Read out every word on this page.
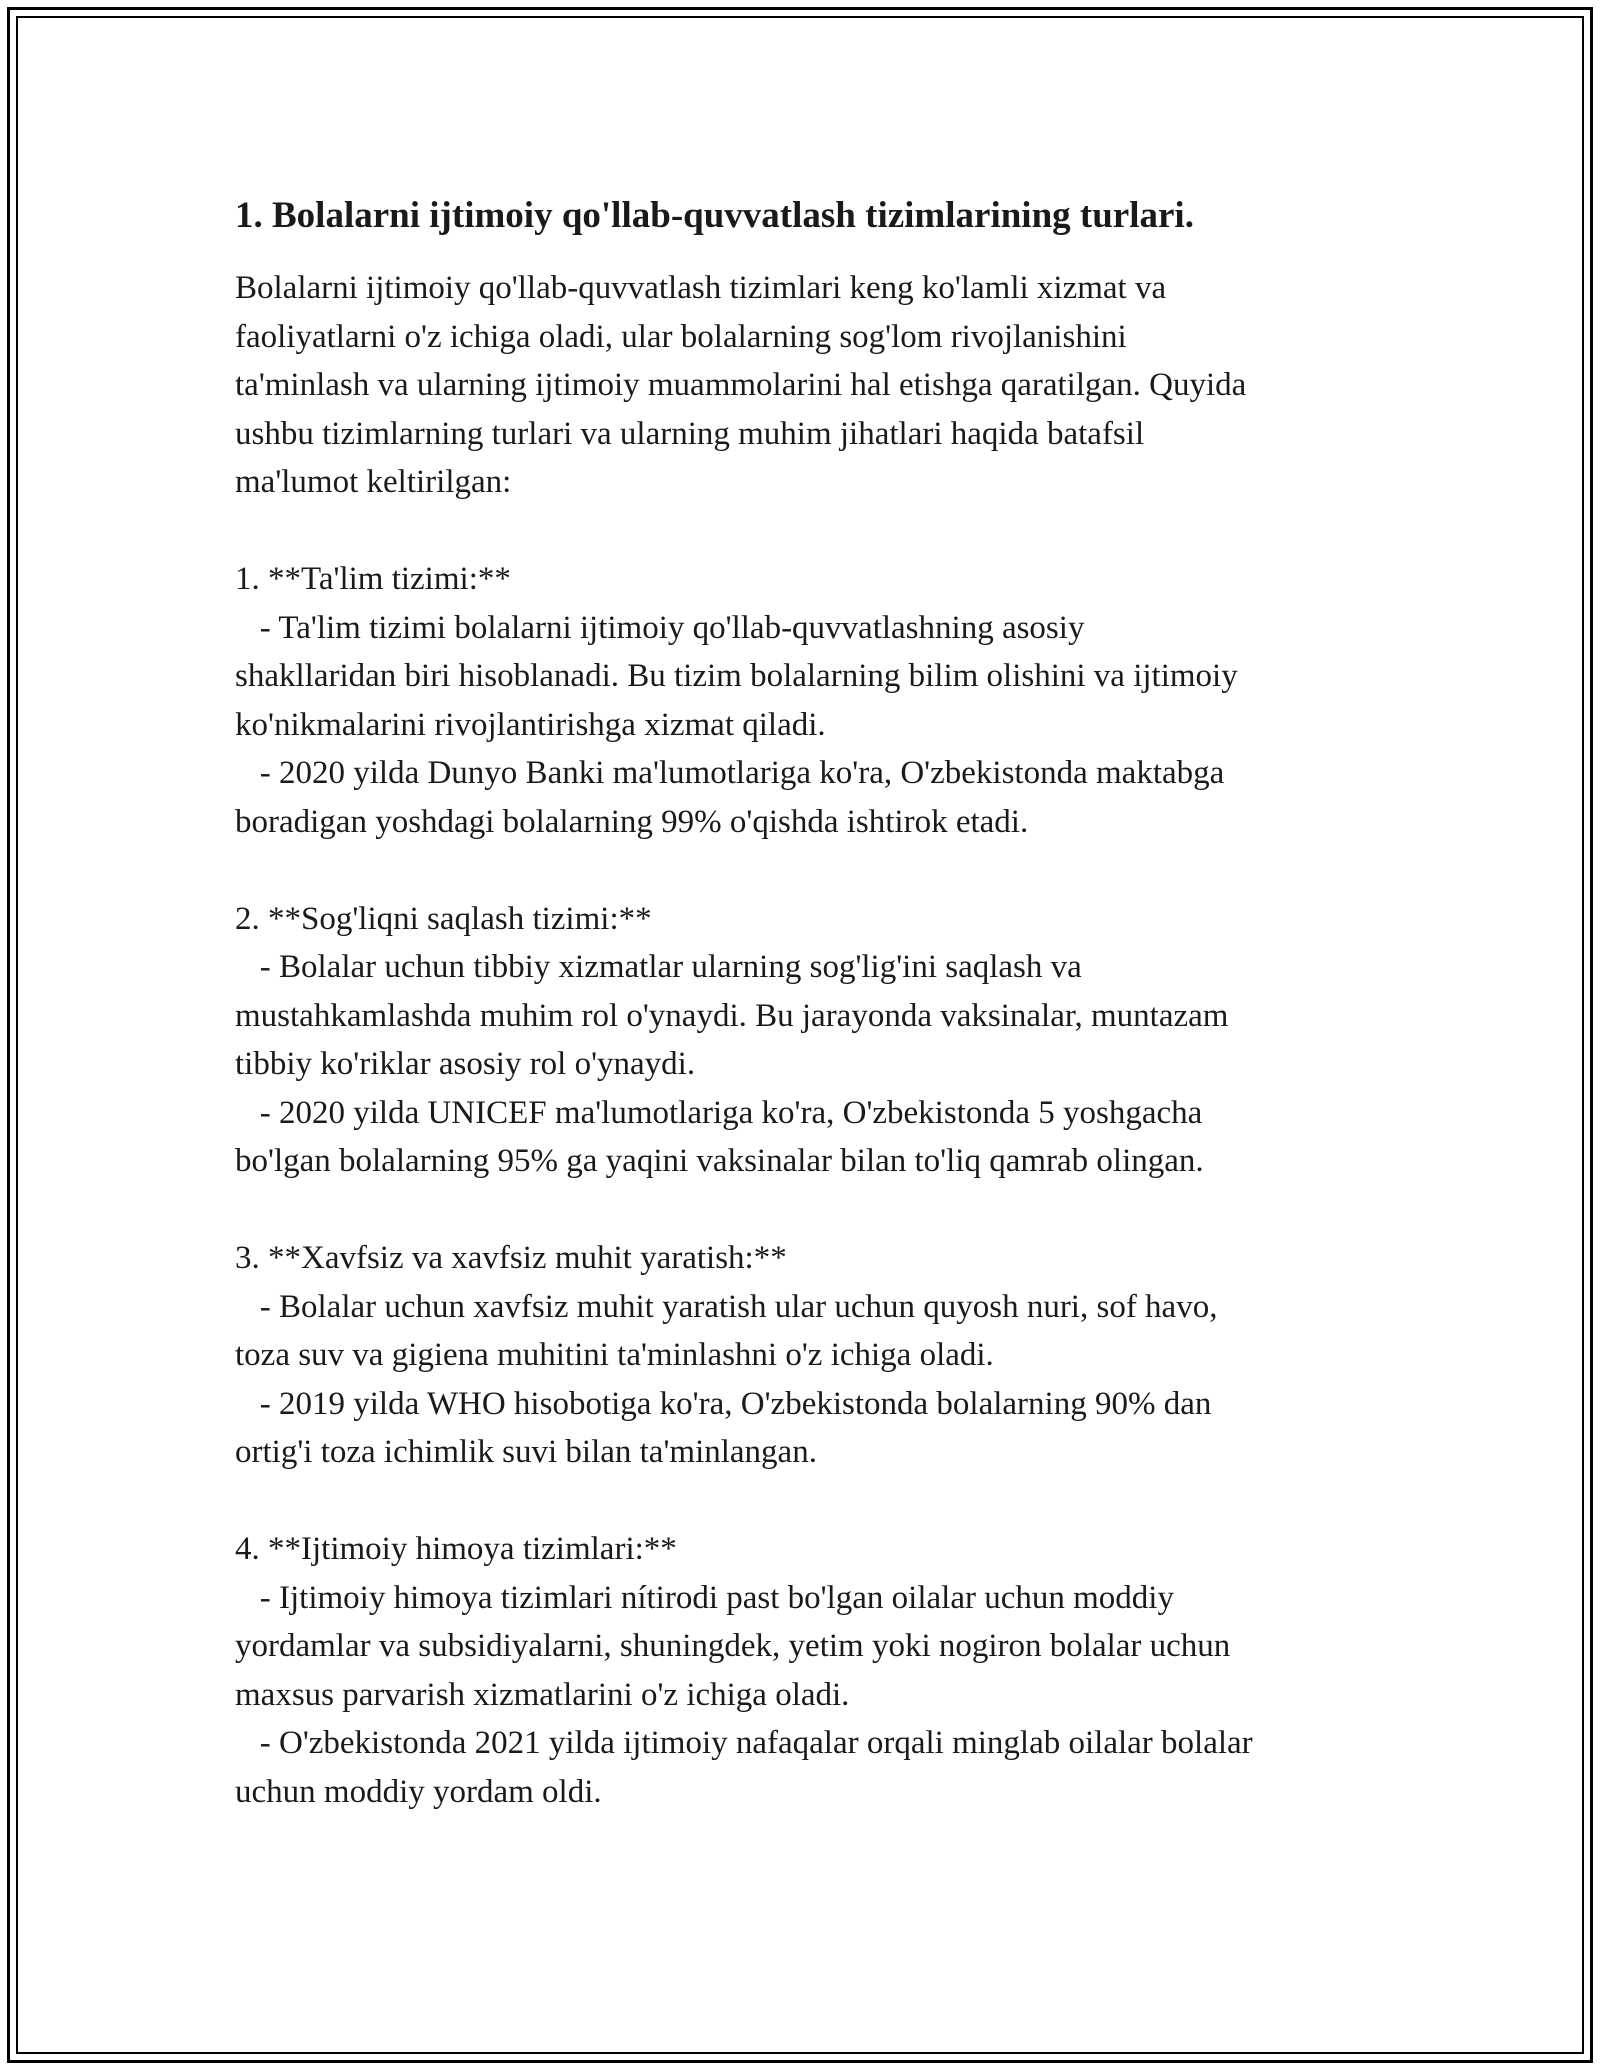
1. Bolalarni ijtimoiy qo'llab-quvvatlash tizimlarining turlari.

Bolalarni ijtimoiy qo'llab-quvvatlash tizimlari keng ko'lamli xizmat va
faoliyatlarni o'z ichiga oladi, ular bolalarning sog'lom rivojlanishini
ta'minlash va ularning ijtimoiy muammolarini hal etishga qaratilgan. Quyida
ushbu tizimlarning turlari va ularning muhim jihatlari haqida batafsil
ma'lumot keltirilgan:

1. **Ta'lim tizimi:**

- Ta'lim tizimi bolalarni ijtimoiy qo'llab-quvvatlashning asosiy
shakllaridan biri hisoblanadi. Bu tizim bolalarning bilim olishini va ijtimoiy
ko'nikmalarini rivojlantirishga xizmat qiladi.
- 2020 yilda Dunyo Banki ma'lumotlariga ko'ra, O'zbekistonda maktabga
boradigan yoshdagi bolalarning 99% o'qishda ishtirok etadi.

2. **Sog'liqni saqlash tizimi:**

- Bolalar uchun tibbiy xizmatlar ularning sog'lig'ini saqlash va
mustahkamlashda muhim rol o'ynaydi. Bu jarayonda vaksinalar, muntazam
tibbiy ko'riklar asosiy rol o'ynaydi.
- 2020 yilda UNICEF ma'lumotlariga ko'ra, O'zbekistonda 5 yoshgacha
bo'lgan bolalarning 95% ga yaqini vaksinalar bilan to'liq qamrab olingan.

3. **Xavfsiz va xavfsiz muhit yaratish:**

- Bolalar uchun xavfsiz muhit yaratish ular uchun quyosh nuri, sof havo,
toza suv va gigiena muhitini ta'minlashni o'z ichiga oladi.
- 2019 yilda WHO hisobotiga ko'ra, O'zbekistonda bolalarning 90% dan
ortig'i toza ichimlik suvi bilan ta'minlangan.

4. **Ijtimoiy himoya tizimlari:**

- Ijtimoiy himoya tizimlari nítirodi past bo'lgan oilalar uchun moddiy
yordamlar va subsidiyalarni, shuningdek, yetim yoki nogiron bolalar uchun
maxsus parvarish xizmatlarini o'z ichiga oladi.
- O'zbekistonda 2021 yilda ijtimoiy nafaqalar orqali minglab oilalar bolalar
uchun moddiy yordam oldi.
